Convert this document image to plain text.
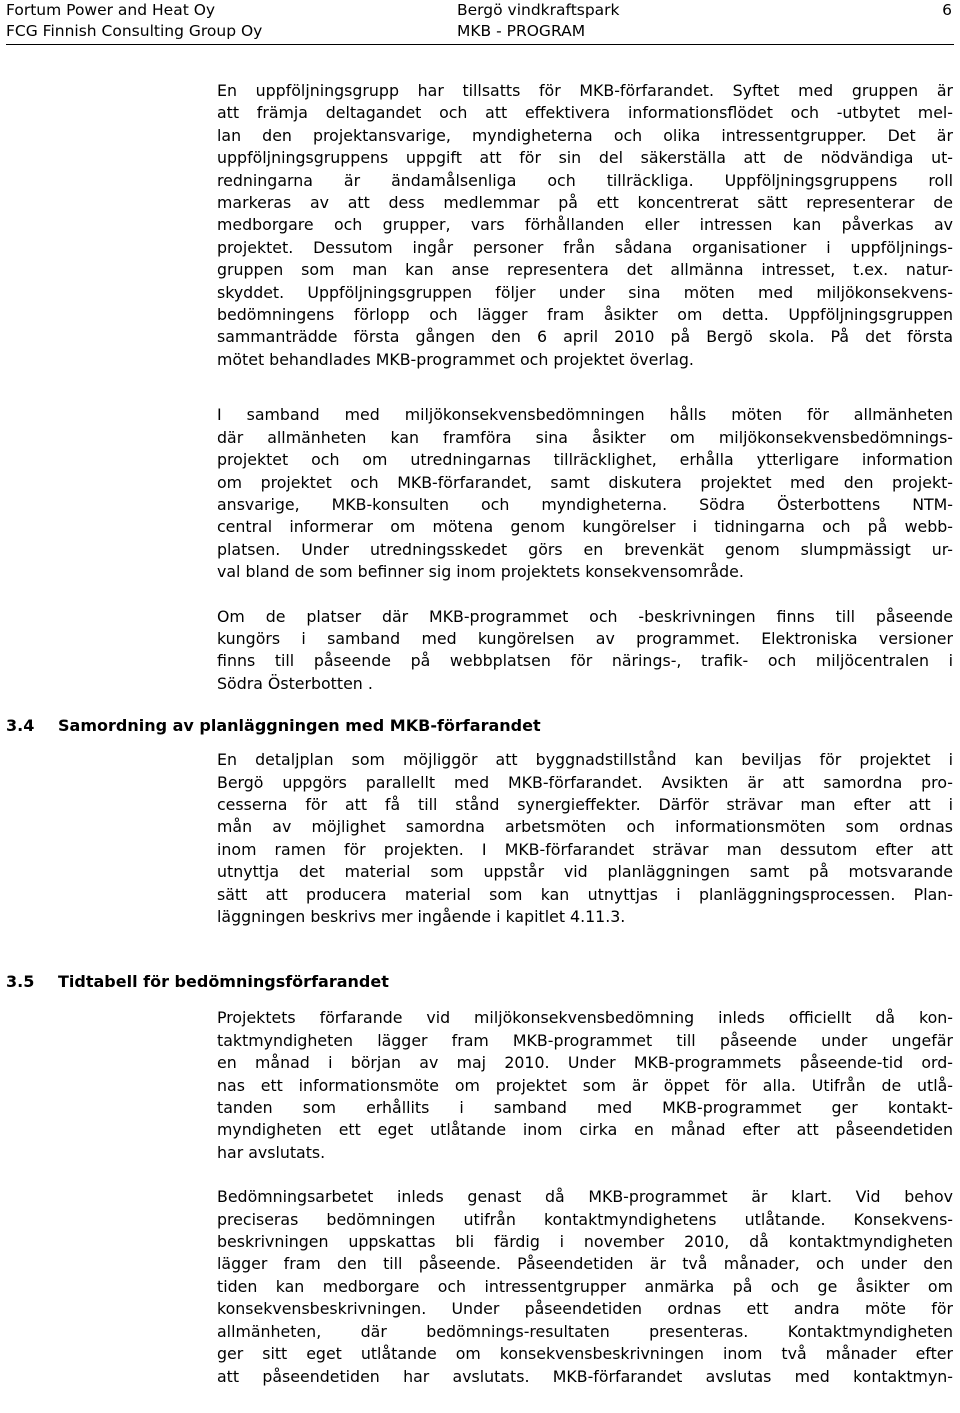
Fortum Power and Heat Oy
FCG Finnish Consulting Group Oy
Bergö vindkraftspark
MKB - PROGRAM
6
En uppföljningsgrupp har tillsatts för MKB-förfarandet. Syftet med gruppen är
att främja deltagandet och att effektivera informationsflödet och -utbytet mel-
lan den projektansvarige, myndigheterna och olika intressentgrupper. Det är
uppföljningsgruppens uppgift att för sin del säkerställa att de nödvändiga ut-
redningarna är ändamålsenliga och tillräckliga. Uppföljningsgruppens roll
markeras av att dess medlemmar på ett koncentrerat sätt representerar de
medborgare och grupper, vars förhållanden eller intressen kan påverkas av
projektet. Dessutom ingår personer från sådana organisationer i uppföljnings-
gruppen som man kan anse representera det allmänna intresset, t.ex. natur-
skyddet. Uppföljningsgruppen följer under sina möten med miljökonsekvens-
bedömningens förlopp och lägger fram åsikter om detta. Uppföljningsgruppen
sammanträdde första gången den 6 april 2010 på Bergö skola. På det första
mötet behandlades MKB-programmet och projektet överlag.
I samband med miljökonsekvensbedömningen hålls möten för allmänheten
där allmänheten kan framföra sina åsikter om miljökonsekvensbedömnings-
projektet och om utredningarnas tillräcklighet, erhålla ytterligare information
om projektet och MKB-förfarandet, samt diskutera projektet med den projekt-
ansvarige, MKB-konsulten och myndigheterna. Södra Österbottens NTM-
central informerar om mötena genom kungörelser i tidningarna och på webb-
platsen. Under utredningsskedet görs en brevenkät genom slumpmässigt ur-
val bland de som befinner sig inom projektets konsekvensområde.
Om de platser där MKB-programmet och -beskrivningen finns till påseende
kungörs i samband med kungörelsen av programmet. Elektroniska versioner
finns till påseende på webbplatsen för närings-, trafik- och miljöcentralen i
Södra Österbotten .
3.4 Samordning av planläggningen med MKB-förfarandet
En detaljplan som möjliggör att byggnadstillstånd kan beviljas för projektet i
Bergö uppgörs parallellt med MKB-förfarandet. Avsikten är att samordna pro-
cesserna för att få till stånd synergieffekter. Därför strävar man efter att i
mån av möjlighet samordna arbetsmöten och informationsmöten som ordnas
inom ramen för projekten. I MKB-förfarandet strävar man dessutom efter att
utnyttja det material som uppstår vid planläggningen samt på motsvarande
sätt att producera material som kan utnyttjas i planläggningsprocessen. Plan-
läggningen beskrivs mer ingående i kapitlet 4.11.3.
3.5 Tidtabell för bedömningsförfarandet
Projektets förfarande vid miljökonsekvensbedömning inleds officiellt då kon-
taktmyndigheten lägger fram MKB-programmet till påseende under ungefär
en månad i början av maj 2010. Under MKB-programmets påseende-tid ord-
nas ett informationsmöte om projektet som är öppet för alla. Utifrån de utlå-
tanden som erhållits i samband med MKB-programmet ger kontakt-
myndigheten ett eget utlåtande inom cirka en månad efter att påseendetiden
har avslutats.
Bedömningsarbetet inleds genast då MKB-programmet är klart. Vid behov
preciseras bedömningen utifrån kontaktmyndighetens utlåtande. Konsekvens-
beskrivningen uppskattas bli färdig i november 2010, då kontaktmyndigheten
lägger fram den till påseende. Påseendetiden är två månader, och under den
tiden kan medborgare och intressentgrupper anmärka på och ge åsikter om
konsekvensbeskrivningen. Under påseendetiden ordnas ett andra möte för
allmänheten, där bedömnings-resultaten presenteras. Kontaktmyndigheten
ger sitt eget utlåtande om konsekvensbeskrivningen inom två månader efter
att påseendetiden har avslutats. MKB-förfarandet avslutas med kontaktmyn-
